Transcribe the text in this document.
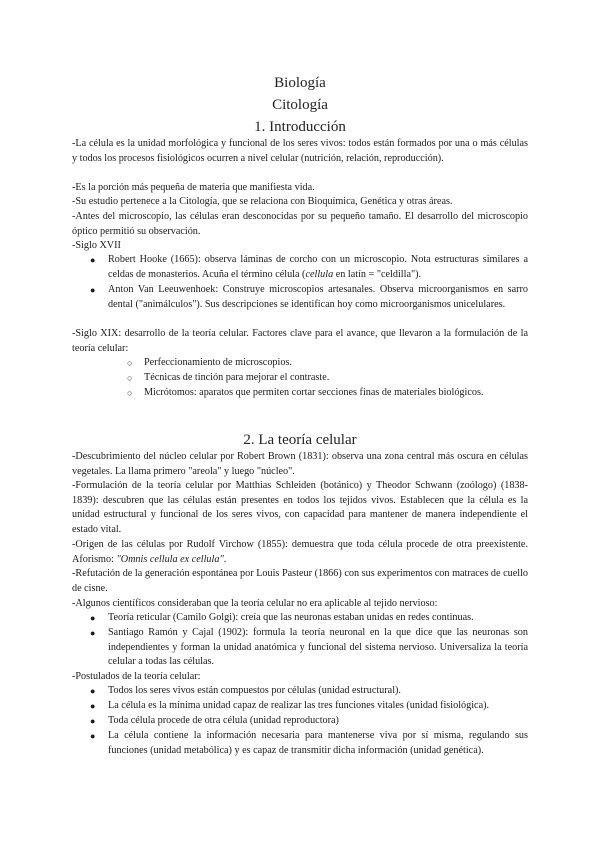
Biología
Citología
1. Introducción
-La célula es la unidad morfológica y funcional de los seres vivos: todos están formados por una o más células y todos los procesos fisiológicos ocurren a nivel celular (nutrición, relación, reproducción).
-Es la porción más pequeña de materia que manifiesta vida.
-Su estudio pertenece a la Citología, que se relaciona con Bioquímica, Genética y otras áreas.
-Antes del microscopio, las células eran desconocidas por su pequeño tamaño. El desarrollo del microscopio óptico permitió su observación.
-Siglo XVII
● Robert Hooke (1665): observa láminas de corcho con un microscopio. Nota estructuras similares a celdas de monasterios. Acuña el término célula (cellula en latín = "celdilla").
● Anton Van Leeuwenhoek: Construye microscopios artesanales. Observa microorganismos en sarro dental ("animálculos"). Sus descripciones se identifican hoy como microorganismos unicelulares.
-Siglo XIX: desarrollo de la teoría celular. Factores clave para el avance, que llevaron a la formulación de la teoría celular:
○ Perfeccionamiento de microscopios.
○ Técnicas de tinción para mejorar el contraste.
○ Micrótomos: aparatos que permiten cortar secciones finas de materiales biológicos.
2. La teoría celular
-Descubrimiento del núcleo celular por Robert Brown (1831): observa una zona central más oscura en células vegetales. La llama primero "areola" y luego "núcleo".
-Formulación de la teoría celular por Matthias Schleiden (botánico) y Theodor Schwann (zoólogo) (1838-1839): descubren que las células están presentes en todos los tejidos vivos. Establecen que la célula es la unidad estructural y funcional de los seres vivos, con capacidad para mantener de manera independiente el estado vital.
-Origen de las células por Rudolf Virchow (1855): demuestra que toda célula procede de otra preexistente. Aforismo: "Omnis cellula ex cellula".
-Refutación de la generación espontánea por Louis Pasteur (1866) con sus experimentos con matraces de cuello de cisne.
-Algunos científicos consideraban que la teoría celular no era aplicable al tejido nervioso:
● Teoría reticular (Camilo Golgi): creía que las neuronas estaban unidas en redes continuas.
● Santiago Ramón y Cajal (1902): formula la teoría neuronal en la que dice que las neuronas son independientes y forman la unidad anatómica y funcional del sistema nervioso. Universaliza la teoría celular a todas las células.
-Postulados de la teoría celular:
● Todos los seres vivos están compuestos por células (unidad estructural).
● La célula es la mínima unidad capaz de realizar las tres funciones vitales (unidad fisiológica).
● Toda célula procede de otra célula (unidad reproductora)
● La célula contiene la información necesaria para mantenerse viva por sí misma, regulando sus funciones (unidad metabólica) y es capaz de transmitir dicha información (unidad genética).
